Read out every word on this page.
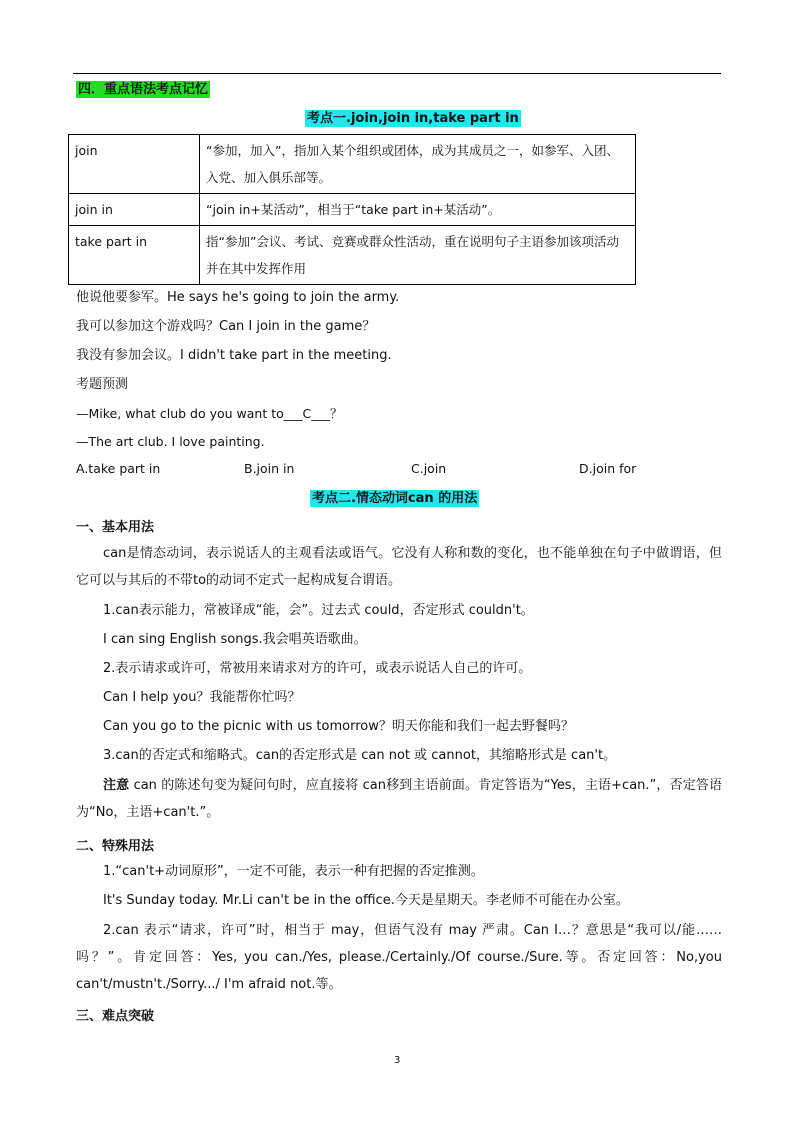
四．重点语法考点记忆
考点一.join,join in,take part in
join	“参加，加入”，指加入某个组织或团体，成为其成员之一，如参军、入团、入党、加入俱乐部等。
join in	“join in+某活动”，相当于“take part in+某活动”。
take part in	指“参加”会议、考试、竞赛或群众性活动，重在说明句子主语参加该项活动并在其中发挥作用
他说他要参军。He says he's going to join the army.
我可以参加这个游戏吗？Can I join in the game？
我没有参加会议。I didn't take part in the meeting.
考题预测
—Mike, what club do you want to___C___？
—The art club. I love painting.
A.take part in	B.join in	C.join	D.join for
考点二.情态动词can 的用法
一、基本用法
can是情态动词，表示说话人的主观看法或语气。它没有人称和数的变化，也不能单独在句子中做谓语，但它可以与其后的不带to的动词不定式一起构成复合谓语。
1.can表示能力，常被译成“能，会”。过去式 could，否定形式 couldn't。
I can sing English songs.我会唱英语歌曲。
2.表示请求或许可，常被用来请求对方的许可，或表示说话人自己的许可。
Can I help you？我能帮你忙吗？
Can you go to the picnic with us tomorrow？明天你能和我们一起去野餐吗？
3.can的否定式和缩略式。can的否定形式是 can not 或 cannot，其缩略形式是 can't。
注意 can 的陈述句变为疑问句时，应直接将 can移到主语前面。肯定答语为“Yes，主语+can.”，否定答语为“No，主语+can't.”。
二、特殊用法
1.“can't+动词原形”，一定不可能，表示一种有把握的否定推测。
It's Sunday today. Mr.Li can't be in the office.今天是星期天。李老师不可能在办公室。
2.can 表示“请求，许可”时，相当于 may，但语气没有 may 严肃。Can I…？意思是“我可以/能……吗？”。肯定回答：Yes, you can./Yes, please./Certainly./Of course./Sure.等。否定回答：No,you can't/mustn't./Sorry.../ I'm afraid not.等。
三、难点突破
3
